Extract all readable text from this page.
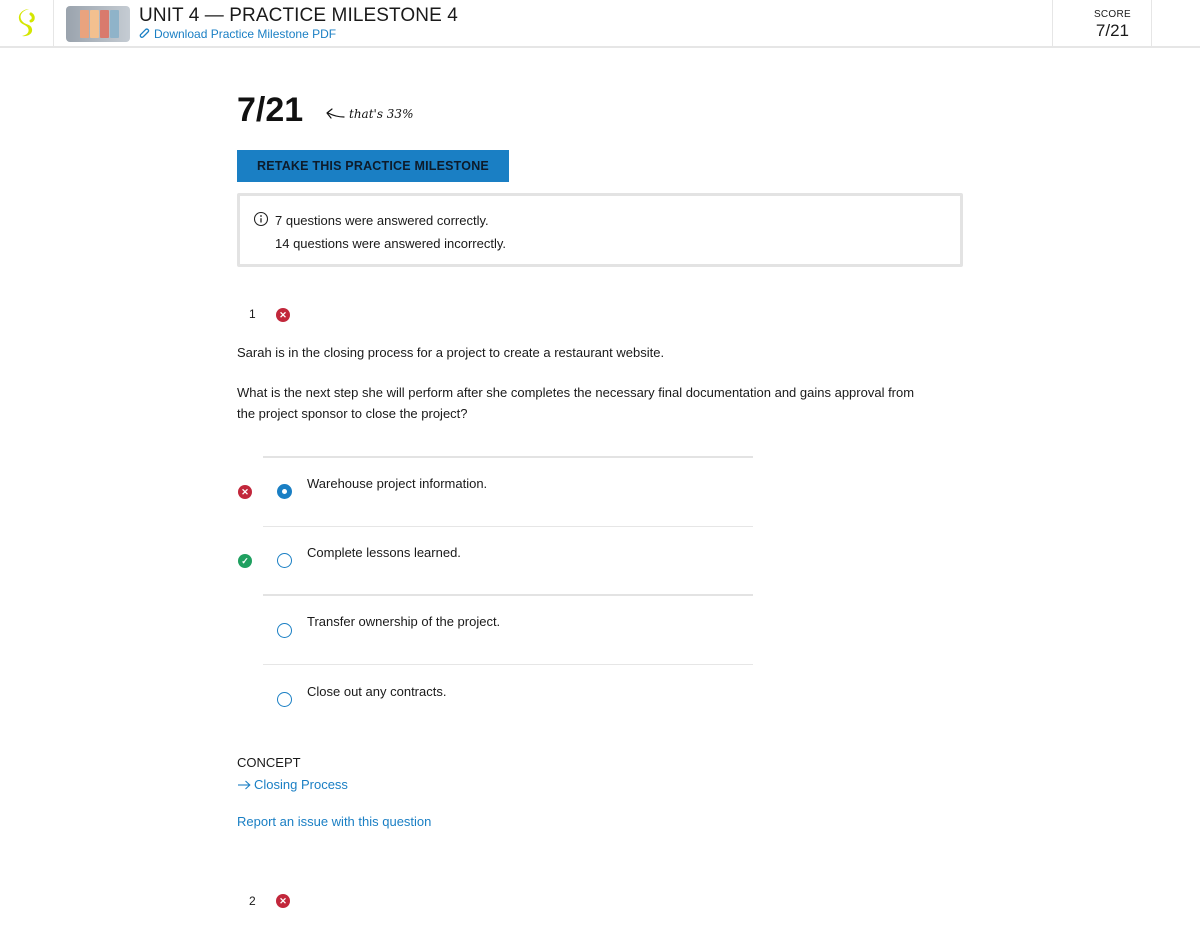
UNIT 4 — PRACTICE MILESTONE 4
Download Practice Milestone PDF
SCORE
7/21
7/21	that's 33%
RETAKE THIS PRACTICE MILESTONE
7 questions were answered correctly.
14 questions were answered incorrectly.
1	✕
Sarah is in the closing process for a project to create a restaurant website.
What is the next step she will perform after she completes the necessary final documentation and gains approval from the project sponsor to close the project?
✕
Warehouse project information.
✓
Complete lessons learned.
Transfer ownership of the project.
Close out any contracts.
CONCEPT
Closing Process
Report an issue with this question
2	✕
